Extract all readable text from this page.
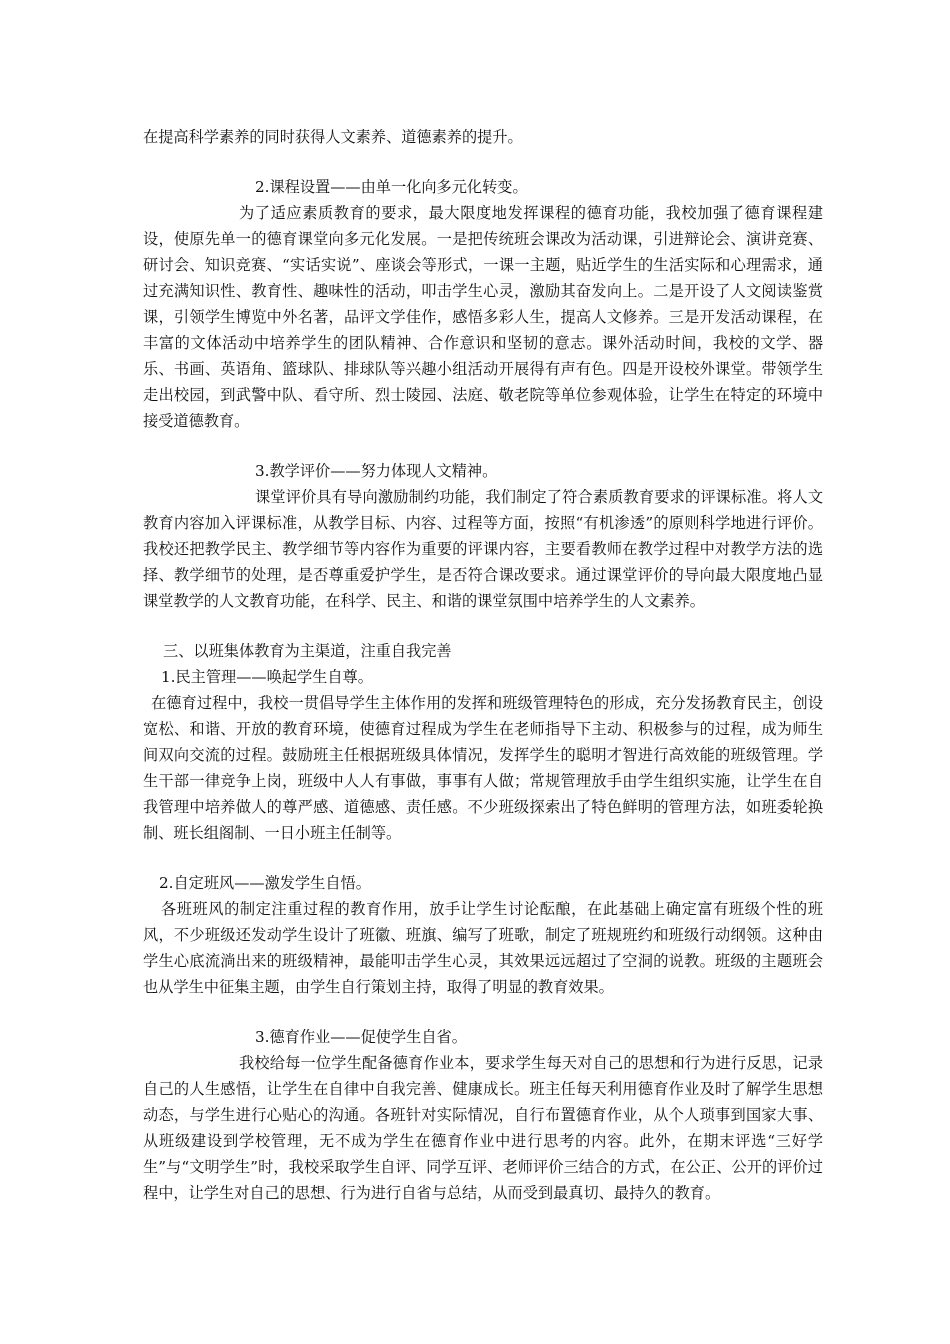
在提高科学素养的同时获得人文素养、道德素养的提升。

2.课程设置——由单一化向多元化转变。

为了适应素质教育的要求，最大限度地发挥课程的德育功能，我校加强了德育课程建设，使原先单一的德育课堂向多元化发展。一是把传统班会课改为活动课，引进辩论会、演讲竞赛、研讨会、知识竞赛、“实话实说”、座谈会等形式，一课一主题，贴近学生的生活实际和心理需求，通过充满知识性、教育性、趣味性的活动，叩击学生心灵，激励其奋发向上。二是开设了人文阅读鉴赏课，引领学生博览中外名著，品评文学佳作，感悟多彩人生，提高人文修养。三是开发活动课程，在丰富的文体活动中培养学生的团队精神、合作意识和坚韧的意志。课外活动时间，我校的文学、器乐、书画、英语角、篮球队、排球队等兴趣小组活动开展得有声有色。四是开设校外课堂。带领学生走出校园，到武警中队、看守所、烈士陵园、法庭、敬老院等单位参观体验，让学生在特定的环境中接受道德教育。

3.教学评价——努力体现人文精神。

课堂评价具有导向激励制约功能，我们制定了符合素质教育要求的评课标准。将人文教育内容加入评课标准，从教学目标、内容、过程等方面，按照“有机渗透”的原则科学地进行评价。我校还把教学民主、教学细节等内容作为重要的评课内容，主要看教师在教学过程中对教学方法的选择、教学细节的处理，是否尊重爱护学生，是否符合课改要求。通过课堂评价的导向最大限度地凸显课堂教学的人文教育功能，在科学、民主、和谐的课堂氛围中培养学生的人文素养。

三、以班集体教育为主渠道，注重自我完善

1.民主管理——唤起学生自尊。

在德育过程中，我校一贯倡导学生主体作用的发挥和班级管理特色的形成，充分发扬教育民主，创设宽松、和谐、开放的教育环境，使德育过程成为学生在老师指导下主动、积极参与的过程，成为师生间双向交流的过程。鼓励班主任根据班级具体情况，发挥学生的聪明才智进行高效能的班级管理。学生干部一律竞争上岗，班级中人人有事做，事事有人做；常规管理放手由学生组织实施，让学生在自我管理中培养做人的尊严感、道德感、责任感。不少班级探索出了特色鲜明的管理方法，如班委轮换制、班长组阁制、一日小班主任制等。

2.自定班风——激发学生自悟。

各班班风的制定注重过程的教育作用，放手让学生讨论酝酿，在此基础上确定富有班级个性的班风，不少班级还发动学生设计了班徽、班旗、编写了班歌，制定了班规班约和班级行动纲领。这种由学生心底流淌出来的班级精神，最能叩击学生心灵，其效果远远超过了空洞的说教。班级的主题班会也从学生中征集主题，由学生自行策划主持，取得了明显的教育效果。

3.德育作业——促使学生自省。

我校给每一位学生配备德育作业本，要求学生每天对自己的思想和行为进行反思，记录自己的人生感悟，让学生在自律中自我完善、健康成长。班主任每天利用德育作业及时了解学生思想动态，与学生进行心贴心的沟通。各班针对实际情况，自行布置德育作业，从个人琐事到国家大事、从班级建设到学校管理，无不成为学生在德育作业中进行思考的内容。此外，在期末评选“三好学生”与“文明学生”时，我校采取学生自评、同学互评、老师评价三结合的方式，在公正、公开的评价过程中，让学生对自己的思想、行为进行自省与总结，从而受到最真切、最持久的教育。
